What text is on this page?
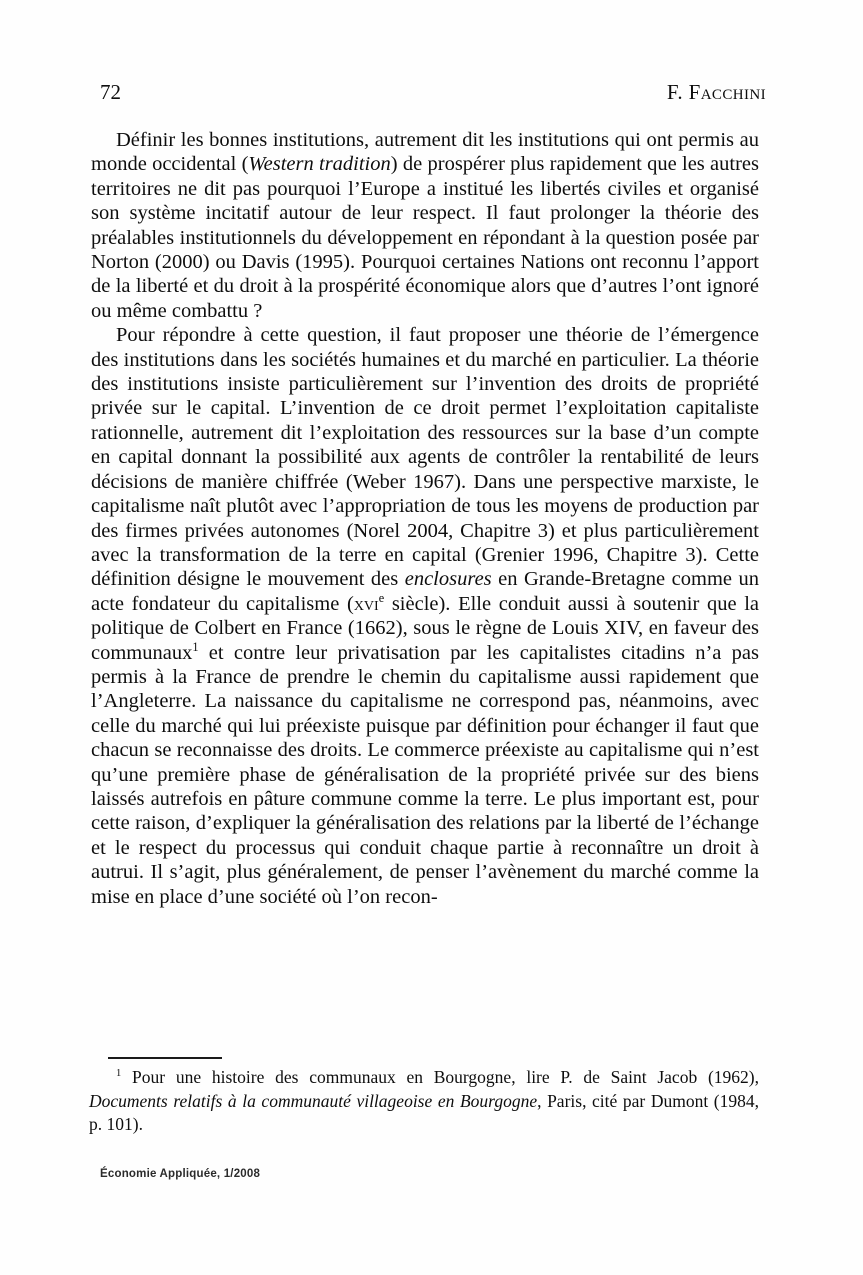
72	F. Facchini

Définir les bonnes institutions, autrement dit les institutions qui ont permis au monde occidental (Western tradition) de prospérer plus rapidement que les autres territoires ne dit pas pourquoi l’Europe a institué les libertés civiles et organisé son système incitatif autour de leur respect. Il faut prolonger la théorie des préalables institutionnels du développement en répondant à la question posée par Norton (2000) ou Davis (1995). Pourquoi certaines Nations ont reconnu l’apport de la liberté et du droit à la prospérité économique alors que d’autres l’ont ignoré ou même combattu ?

Pour répondre à cette question, il faut proposer une théorie de l’émergence des institutions dans les sociétés humaines et du marché en particulier. La théorie des institutions insiste particulièrement sur l’invention des droits de propriété privée sur le capital. L’invention de ce droit permet l’exploitation capitaliste rationnelle, autrement dit l’exploitation des ressources sur la base d’un compte en capital donnant la possibilité aux agents de contrôler la rentabilité de leurs décisions de manière chiffrée (Weber 1967). Dans une perspective marxiste, le capitalisme naît plutôt avec l’appropriation de tous les moyens de production par des firmes privées autonomes (Norel 2004, Chapitre 3) et plus particulièrement avec la transformation de la terre en capital (Grenier 1996, Chapitre 3). Cette définition désigne le mouvement des enclosures en Grande-Bretagne comme un acte fondateur du capitalisme (xvi$^e$ siècle). Elle conduit aussi à soutenir que la politique de Colbert en France (1662), sous le règne de Louis XIV, en faveur des communaux$^1$ et contre leur privatisation par les capitalistes citadins n’a pas permis à la France de prendre le chemin du capitalisme aussi rapidement que l’Angleterre. La naissance du capitalisme ne correspond pas, néanmoins, avec celle du marché qui lui préexiste puisque par définition pour échanger il faut que chacun se reconnaisse des droits. Le commerce préexiste au capitalisme qui n’est qu’une première phase de généralisation de la propriété privée sur des biens laissés autrefois en pâture commune comme la terre. Le plus important est, pour cette raison, d’expliquer la généralisation des relations par la liberté de l’échange et le respect du processus qui conduit chaque partie à reconnaître un droit à autrui. Il s’agit, plus généralement, de penser l’avènement du marché comme la mise en place d’une société où l’on recon-

$^1$ Pour une histoire des communaux en Bourgogne, lire P. de Saint Jacob (1962), Documents relatifs à la communauté villageoise en Bourgogne, Paris, cité par Dumont (1984, p. 101).
Économie Appliquée, 1/2008
